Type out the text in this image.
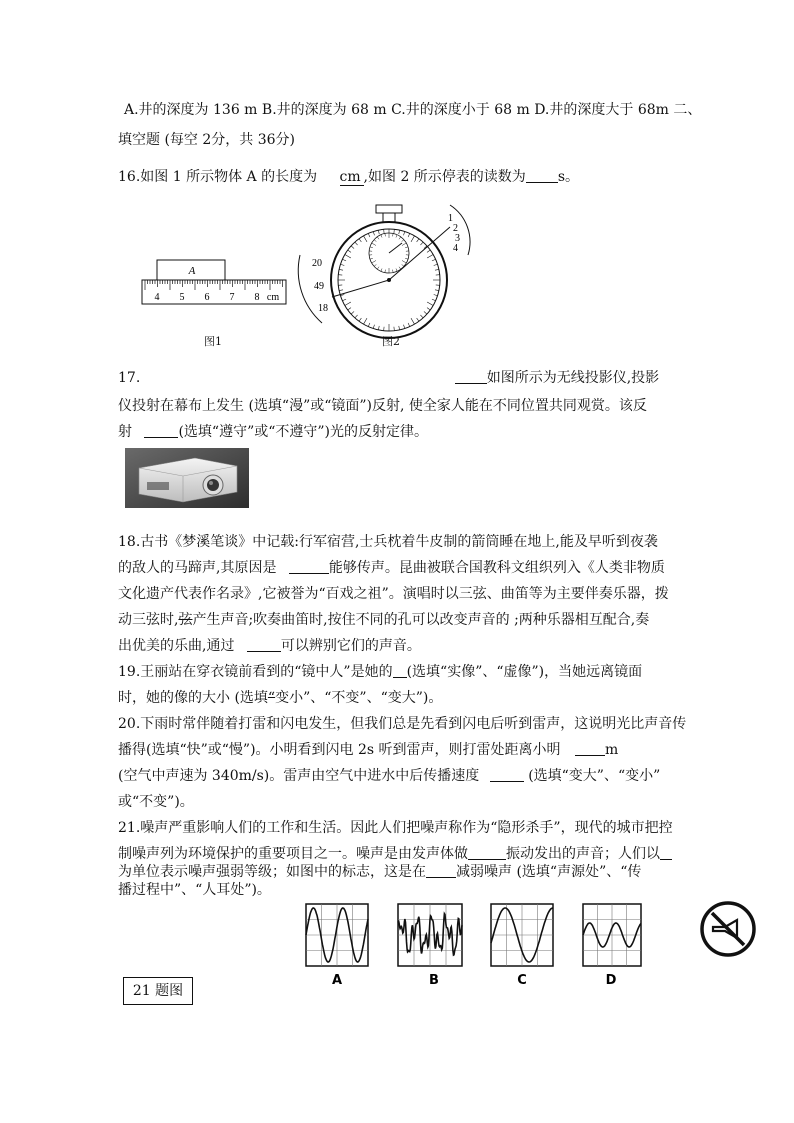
A.井的深度为 136 m B.井的深度为 68 m C.井的深度小于 68 m D.井的深度大于 68m 二、
填空题 (每空 2分，共 36分)
16.如图 1 所示物体 A 的长度为 cm ,如图 2 所示停表的读数为 s。
A
4 5 6 7 8 cm
图1
1
2
3
4
20
49
18
图2
17.	如图所示为无线投影仪,投影
仪投射在幕布上发生 (选填“漫”或“镜面”)反射, 使全家人能在不同位置共同观赏。该反
射	(选填“遵守”或“不遵守”)光的反射定律。
18.古书《梦溪笔谈》中记载:行军宿营,士兵枕着牛皮制的箭筒睡在地上,能及早听到夜袭
的敌人的马蹄声,其原因是	能够传声。昆曲被联合国教科文组织列入《人类非物质
文化遗产代表作名录》,它被誉为“百戏之祖”。演唱时以三弦、曲笛等为主要伴奏乐器，拨
动三弦时,弦产生声音;吹奏曲笛时,按住不同的孔可以改变声音的 ;两种乐器相互配合,奏
出优美的乐曲,通过	可以辨别它们的声音。
19.王丽站在穿衣镜前看到的“镜中人”是她的 (选填“实像”、“虚像”)，当她远离镜面
时，她的像的大小 (选填“变小”、“不变”、“变大”)。
20.下雨时常伴随着打雷和闪电发生，但我们总是先看到闪电后听到雷声，这说明光比声音传
播得(选填“快”或“慢”)。小明看到闪电 2s 听到雷声，则打雷处距离小明	m
(空气中声速为 340m/s)。雷声由空气中进水中后传播速度	(选填“变大”、“变小”
或“不变”)。
21.噪声严重影响人们的工作和生活。因此人们把噪声称作为“隐形杀手”，现代的城市把控
制噪声列为环境保护的重要项目之一。噪声是由发声体做	振动发出的声音；人们以
为单位表示噪声强弱等级；如图中的标志，这是在 减弱噪声 (选填“声源处”、“传
播过程中”、“人耳处”)。
A	B	C	D
21 题图
